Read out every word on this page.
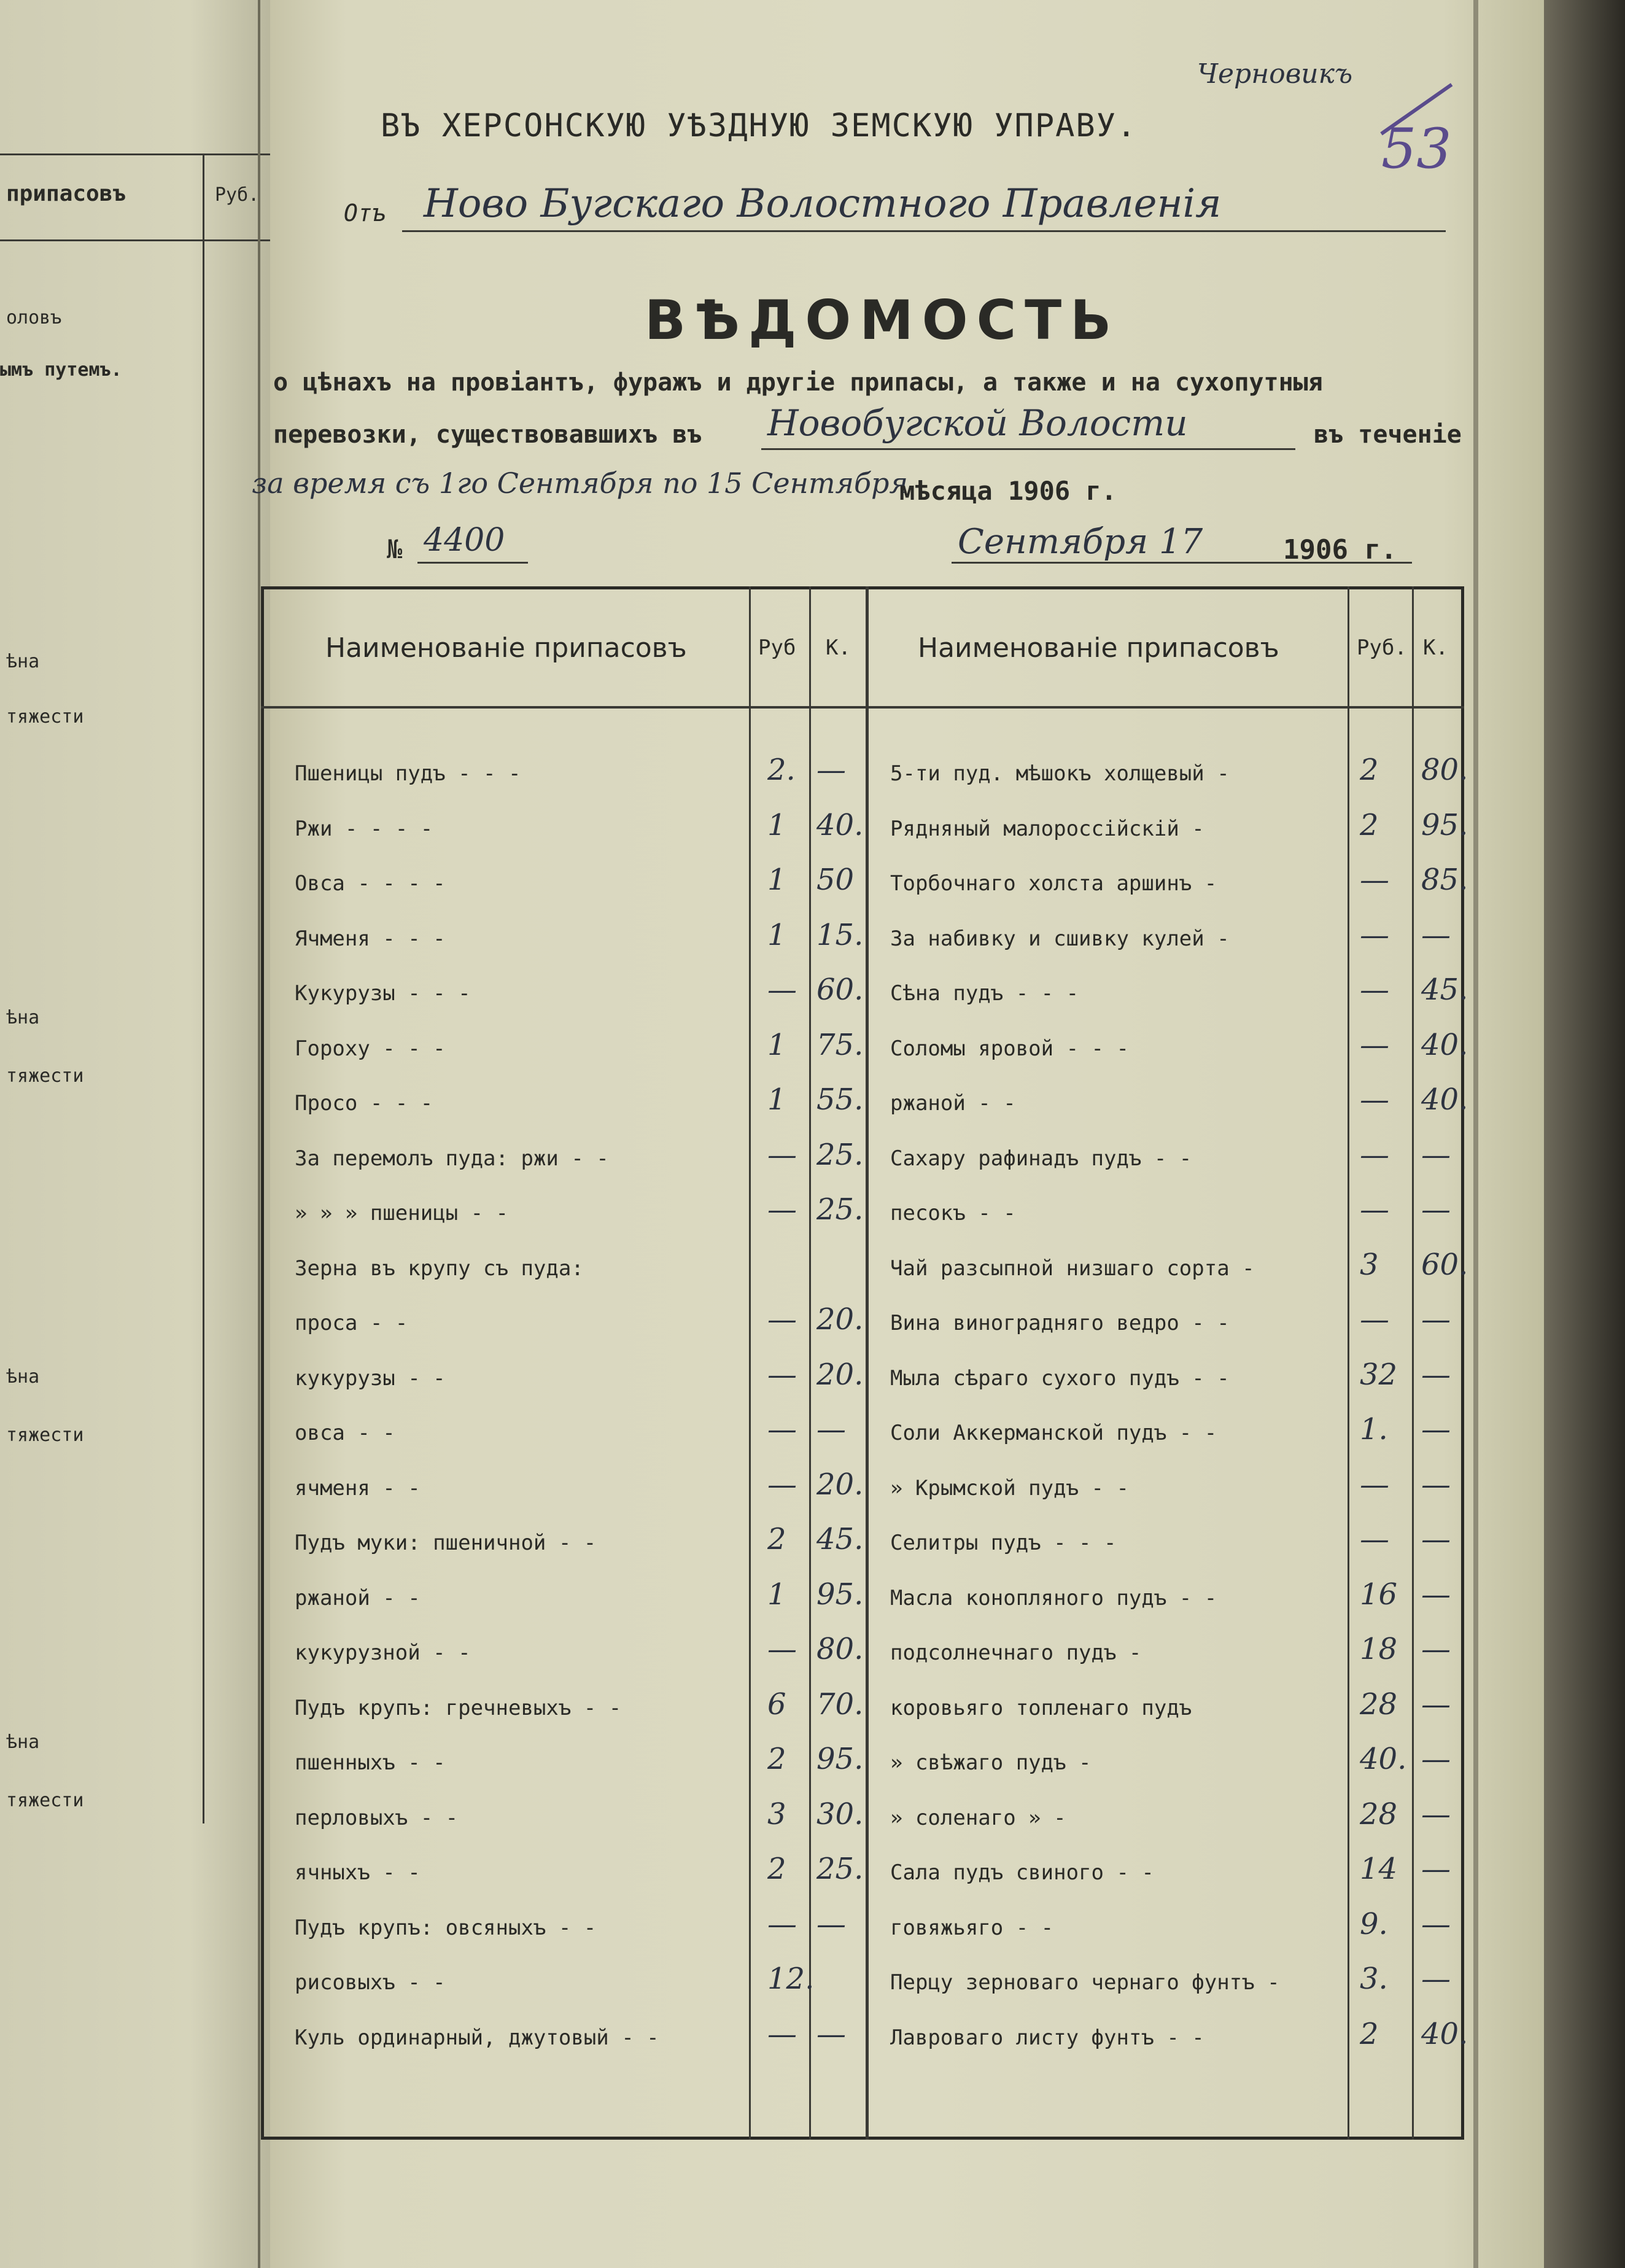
припасовъ	Руб.
оловъ
ымъ путемъ.
ѣна
тяжести
ѣна
тяжести
ѣна
тяжести
ѣна
тяжести
Черновикъ
53
ВЪ ХЕРСОНСКУЮ УѢЗДНУЮ ЗЕМСКУЮ УПРАВУ.
Отъ Ново Бугскаго Волостного Правленія
ВѢДОМОСТЬ
о цѣнахъ на провіантъ, фуражъ и другіе припасы, а также и на сухопутныя
перевозки, существовавшихъ въ Новобугской Волости	въ теченіе
за время съ 1го Сентября по 15 Сентября
мѣсяца 1906 г.
№ 4400	Сентября 17	1906 г.
Наименованіе припасовъ	Руб К. Наименованіе припасовъ	Руб. К.
Пшеницы пудъ - - -	2. —
Ржи - - - -	1 40.
Овса - - - -	1 50
Ячменя - - -	1 15.
Кукурузы - - -	— 60.
Гороху - - -	1 75.
Просо - - -	1 55.
За перемолъ пуда: ржи - -	— 25.
» » » пшеницы - -	— 25.
Зерна въ крупу съ пуда:
проса - -	— 20.
кукурузы - -	— 20.
овса - -	— —
ячменя - -	— 20.
Пудъ муки: пшеничной - -	2 45.
ржаной - -	1 95.
кукурузной - -	— 80.
Пудъ крупъ: гречневыхъ - -	6 70.
пшенныхъ - -	2 95.
перловыхъ - -	3 30.
ячныхъ - -	2 25.
Пудъ крупъ: овсяныхъ - -	— —
рисовыхъ - -	12.
Куль ординарный, джутовый - -	— —
5-ти пуд. мѣшокъ холщевый -	2 80.
Рядняный малороссійскій -	2 95.
Торбочнаго холста аршинъ -	— 85.
За набивку и сшивку кулей -	— —
Сѣна пудъ - - -	— 45.
Соломы яровой - - -	— 40.
ржаной - -	— 40.
Сахару рафинадъ пудъ - -	— —
песокъ - -	— —
Чай разсыпной низшаго сорта -	3 60.
Вина виноградняго ведро - -	— —
Мыла сѣраго сухого пудъ - -	32 —
Соли Аккерманской пудъ - -	1. —
» Крымской пудъ - -	— —
Селитры пудъ - - -	— —
Масла конопляного пудъ - -	16 —
подсолнечнаго пудъ -	18 —
коровьяго топленаго пудъ	28 —
» свѣжаго пудъ -	40. —
» соленаго » -	28 —
Сала пудъ свиного - -	14 —
говяжьяго - -	9. —
Перцу зерноваго чернаго фунтъ -	3. —
Лавроваго листу фунтъ - -	2 40.
